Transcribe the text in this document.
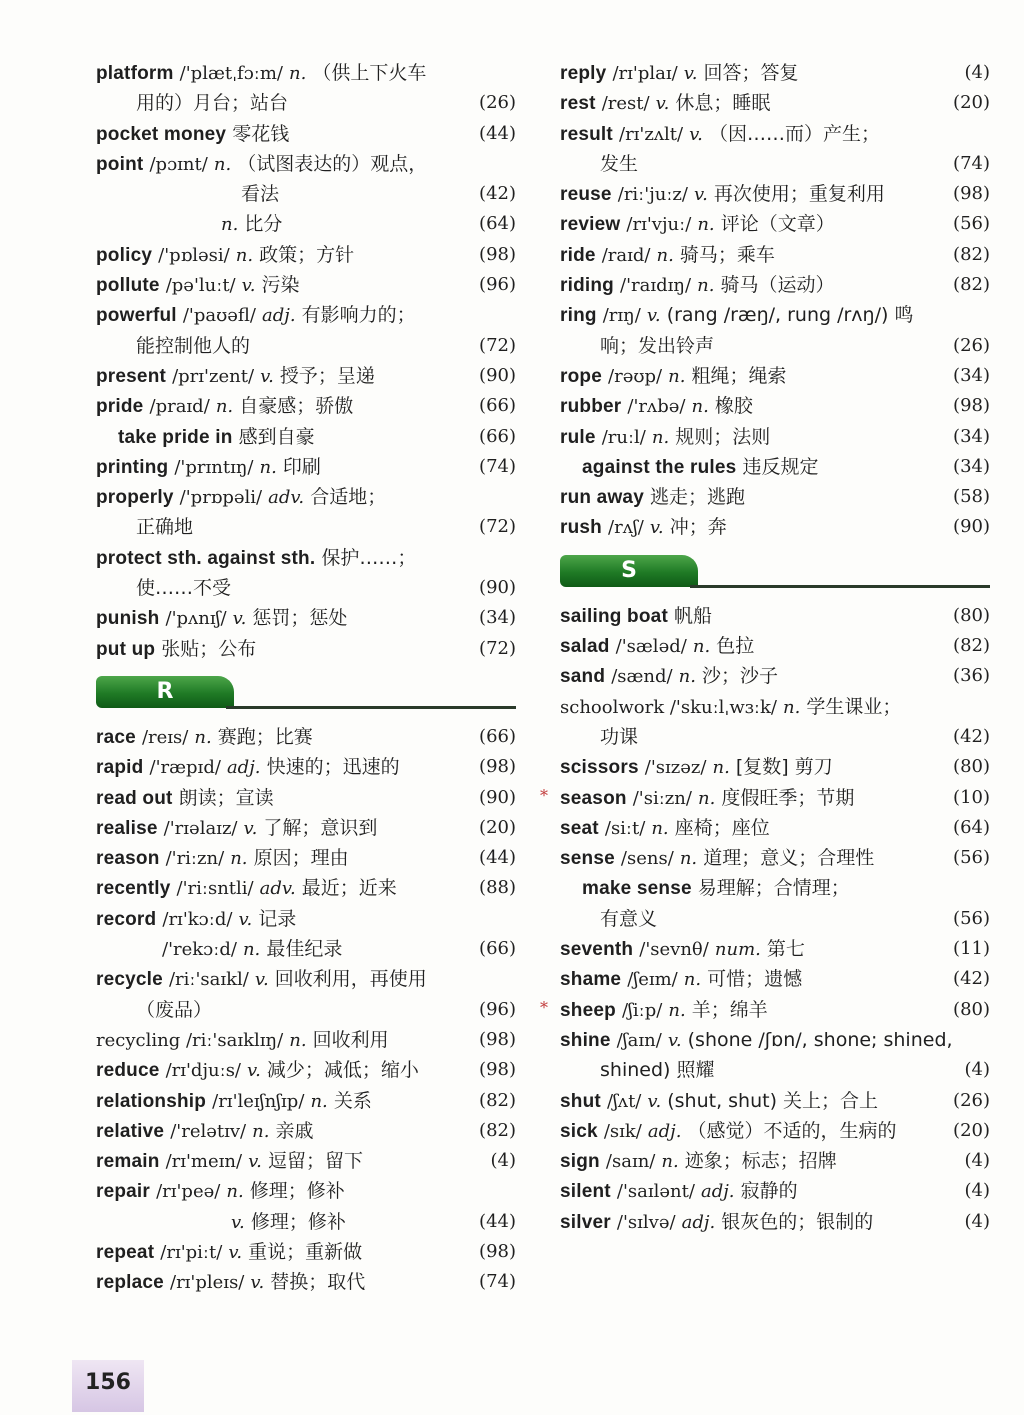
platform /'plætˌfɔːm/ n. （供上下火车
用的）月台；站台	(26)
pocket money 零花钱	(44)
point /pɔɪnt/ n. （试图表达的）观点，
看法	(42)
n. 比分	(64)
policy /'pɒləsi/ n. 政策；方针	(98)
pollute /pə'luːt/ v. 污染	(96)
powerful /'paʊəfl/ adj. 有影响力的；
能控制他人的	(72)
present /prɪ'zent/ v. 授予；呈递	(90)
pride /praɪd/ n. 自豪感；骄傲	(66)
take pride in 感到自豪	(66)
printing /'prɪntɪŋ/ n. 印刷	(74)
properly /'prɒpəli/ adv. 合适地；
正确地	(72)
protect sth. against sth. 保护……；
使……不受	(90)
punish /'pʌnɪʃ/ v. 惩罚；惩处	(34)
put up 张贴；公布	(72)
R
race /reɪs/ n. 赛跑；比赛	(66)
rapid /'ræpɪd/ adj. 快速的；迅速的	(98)
read out 朗读；宣读	(90)
realise /'rɪəlaɪz/ v. 了解；意识到	(20)
reason /'riːzn/ n. 原因；理由	(44)
recently /'riːsntli/ adv. 最近；近来	(88)
record /rɪ'kɔːd/ v. 记录
/'rekɔːd/ n. 最佳纪录	(66)
recycle /riː'saɪkl/ v. 回收利用，再使用
（废品）	(96)
recycling /riː'saɪklɪŋ/ n. 回收利用	(98)
reduce /rɪ'djuːs/ v. 减少；减低；缩小	(98)
relationship /rɪ'leɪʃnʃɪp/ n. 关系	(82)
relative /'relətɪv/ n. 亲戚	(82)
remain /rɪ'meɪn/ v. 逗留；留下	(4)
repair /rɪ'peə/ n. 修理；修补
v. 修理；修补	(44)
repeat /rɪ'piːt/ v. 重说；重新做	(98)
replace /rɪ'pleɪs/ v. 替换；取代	(74)
reply /rɪ'plaɪ/ v. 回答；答复	(4)
rest /rest/ v. 休息；睡眠	(20)
result /rɪ'zʌlt/ v. （因……而）产生；
发生	(74)
reuse /riː'juːz/ v. 再次使用；重复利用	(98)
review /rɪ'vjuː/ n. 评论（文章）	(56)
ride /raɪd/ n. 骑马；乘车	(82)
riding /'raɪdɪŋ/ n. 骑马（运动）	(82)
ring /rɪŋ/ v. (rang /ræŋ/, rung /rʌŋ/) 鸣
响；发出铃声	(26)
rope /rəʊp/ n. 粗绳；绳索	(34)
rubber /'rʌbə/ n. 橡胶	(98)
rule /ruːl/ n. 规则；法则	(34)
against the rules 违反规定	(34)
run away 逃走；逃跑	(58)
rush /rʌʃ/ v. 冲；奔	(90)
S
sailing boat 帆船	(80)
salad /'sæləd/ n. 色拉	(82)
sand /sænd/ n. 沙；沙子	(36)
schoolwork /'skuːlˌwɜːk/ n. 学生课业；
功课	(42)
scissors /'sɪzəz/ n. [复数] 剪刀	(80)
* season /'siːzn/ n. 度假旺季；节期	(10)
seat /siːt/ n. 座椅；座位	(64)
sense /sens/ n. 道理；意义；合理性	(56)
make sense 易理解；合情理；
有意义	(56)
seventh /'sevnθ/ num. 第七	(11)
shame /ʃeɪm/ n. 可惜；遗憾	(42)
* sheep /ʃiːp/ n. 羊；绵羊	(80)
shine /ʃaɪn/ v. (shone /ʃɒn/, shone; shined,
shined) 照耀	(4)
shut /ʃʌt/ v. (shut, shut) 关上；合上	(26)
sick /sɪk/ adj. （感觉）不适的，生病的	(20)
sign /saɪn/ n. 迹象；标志；招牌	(4)
silent /'saɪlənt/ adj. 寂静的	(4)
silver /'sɪlvə/ adj. 银灰色的；银制的	(4)
156
